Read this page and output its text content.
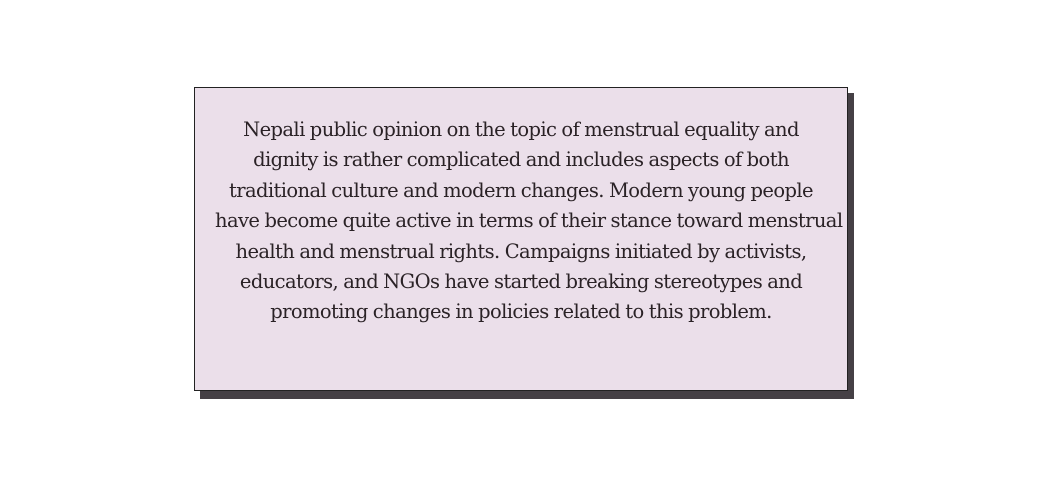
Nepali public opinion on the topic of menstrual equality and
dignity is rather complicated and includes aspects of both
traditional culture and modern changes. Modern young people
have become quite active in terms of their stance toward menstrual
health and menstrual rights. Campaigns initiated by activists,
educators, and NGOs have started breaking stereotypes and
promoting changes in policies related to this problem.
